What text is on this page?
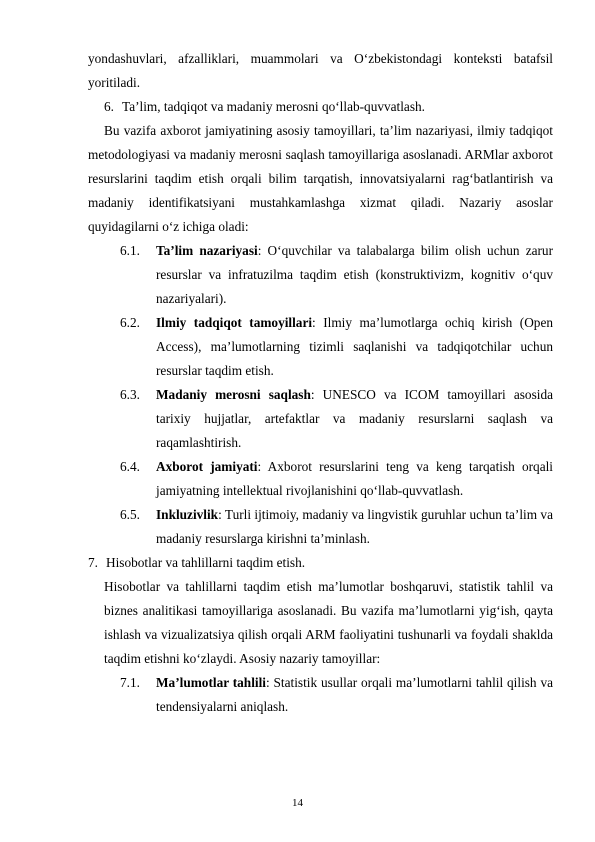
yondashuvlari, afzalliklari, muammolari va O‘zbekistondagi konteksti batafsil yoritiladi.

6. Ta’lim, tadqiqot va madaniy merosni qo‘llab-quvvatlash.

Bu vazifa axborot jamiyatining asosiy tamoyillari, ta’lim nazariyasi, ilmiy tadqiqot metodologiyasi va madaniy merosni saqlash tamoyillariga asoslanadi. ARMlar axborot resurslarini taqdim etish orqali bilim tarqatish, innovatsiyalarni rag‘batlantirish va madaniy identifikatsiyani mustahkamlashga xizmat qiladi. Nazariy asoslar quyidagilarni o‘z ichiga oladi:

6.1.	Ta’lim nazariyasi: O‘quvchilar va talabalarga bilim olish uchun zarur resurslar va infratuzilma taqdim etish (konstruktivizm, kognitiv o‘quv nazariyalari).
6.2.	Ilmiy tadqiqot tamoyillari: Ilmiy ma’lumotlarga ochiq kirish (Open Access), ma’lumotlarning tizimli saqlanishi va tadqiqotchilar uchun resurslar taqdim etish.
6.3.	Madaniy merosni saqlash: UNESCO va ICOM tamoyillari asosida tarixiy hujjatlar, artefaktlar va madaniy resurslarni saqlash va raqamlashtirish.
6.4.	Axborot jamiyati: Axborot resurslarini teng va keng tarqatish orqali jamiyatning intellektual rivojlanishini qo‘llab-quvvatlash.
6.5.	Inkluzivlik: Turli ijtimoiy, madaniy va lingvistik guruhlar uchun ta’lim va madaniy resurslarga kirishni ta’minlash.

7. Hisobotlar va tahlillarni taqdim etish.

Hisobotlar va tahlillarni taqdim etish ma’lumotlar boshqaruvi, statistik tahlil va biznes analitikasi tamoyillariga asoslanadi. Bu vazifa ma’lumotlarni yig‘ish, qayta ishlash va vizualizatsiya qilish orqali ARM faoliyatini tushunarli va foydali shaklda taqdim etishni ko‘zlaydi. Asosiy nazariy tamoyillar:

7.1.	Ma’lumotlar tahlili: Statistik usullar orqali ma’lumotlarni tahlil qilish va tendensiyalarni aniqlash.
14
